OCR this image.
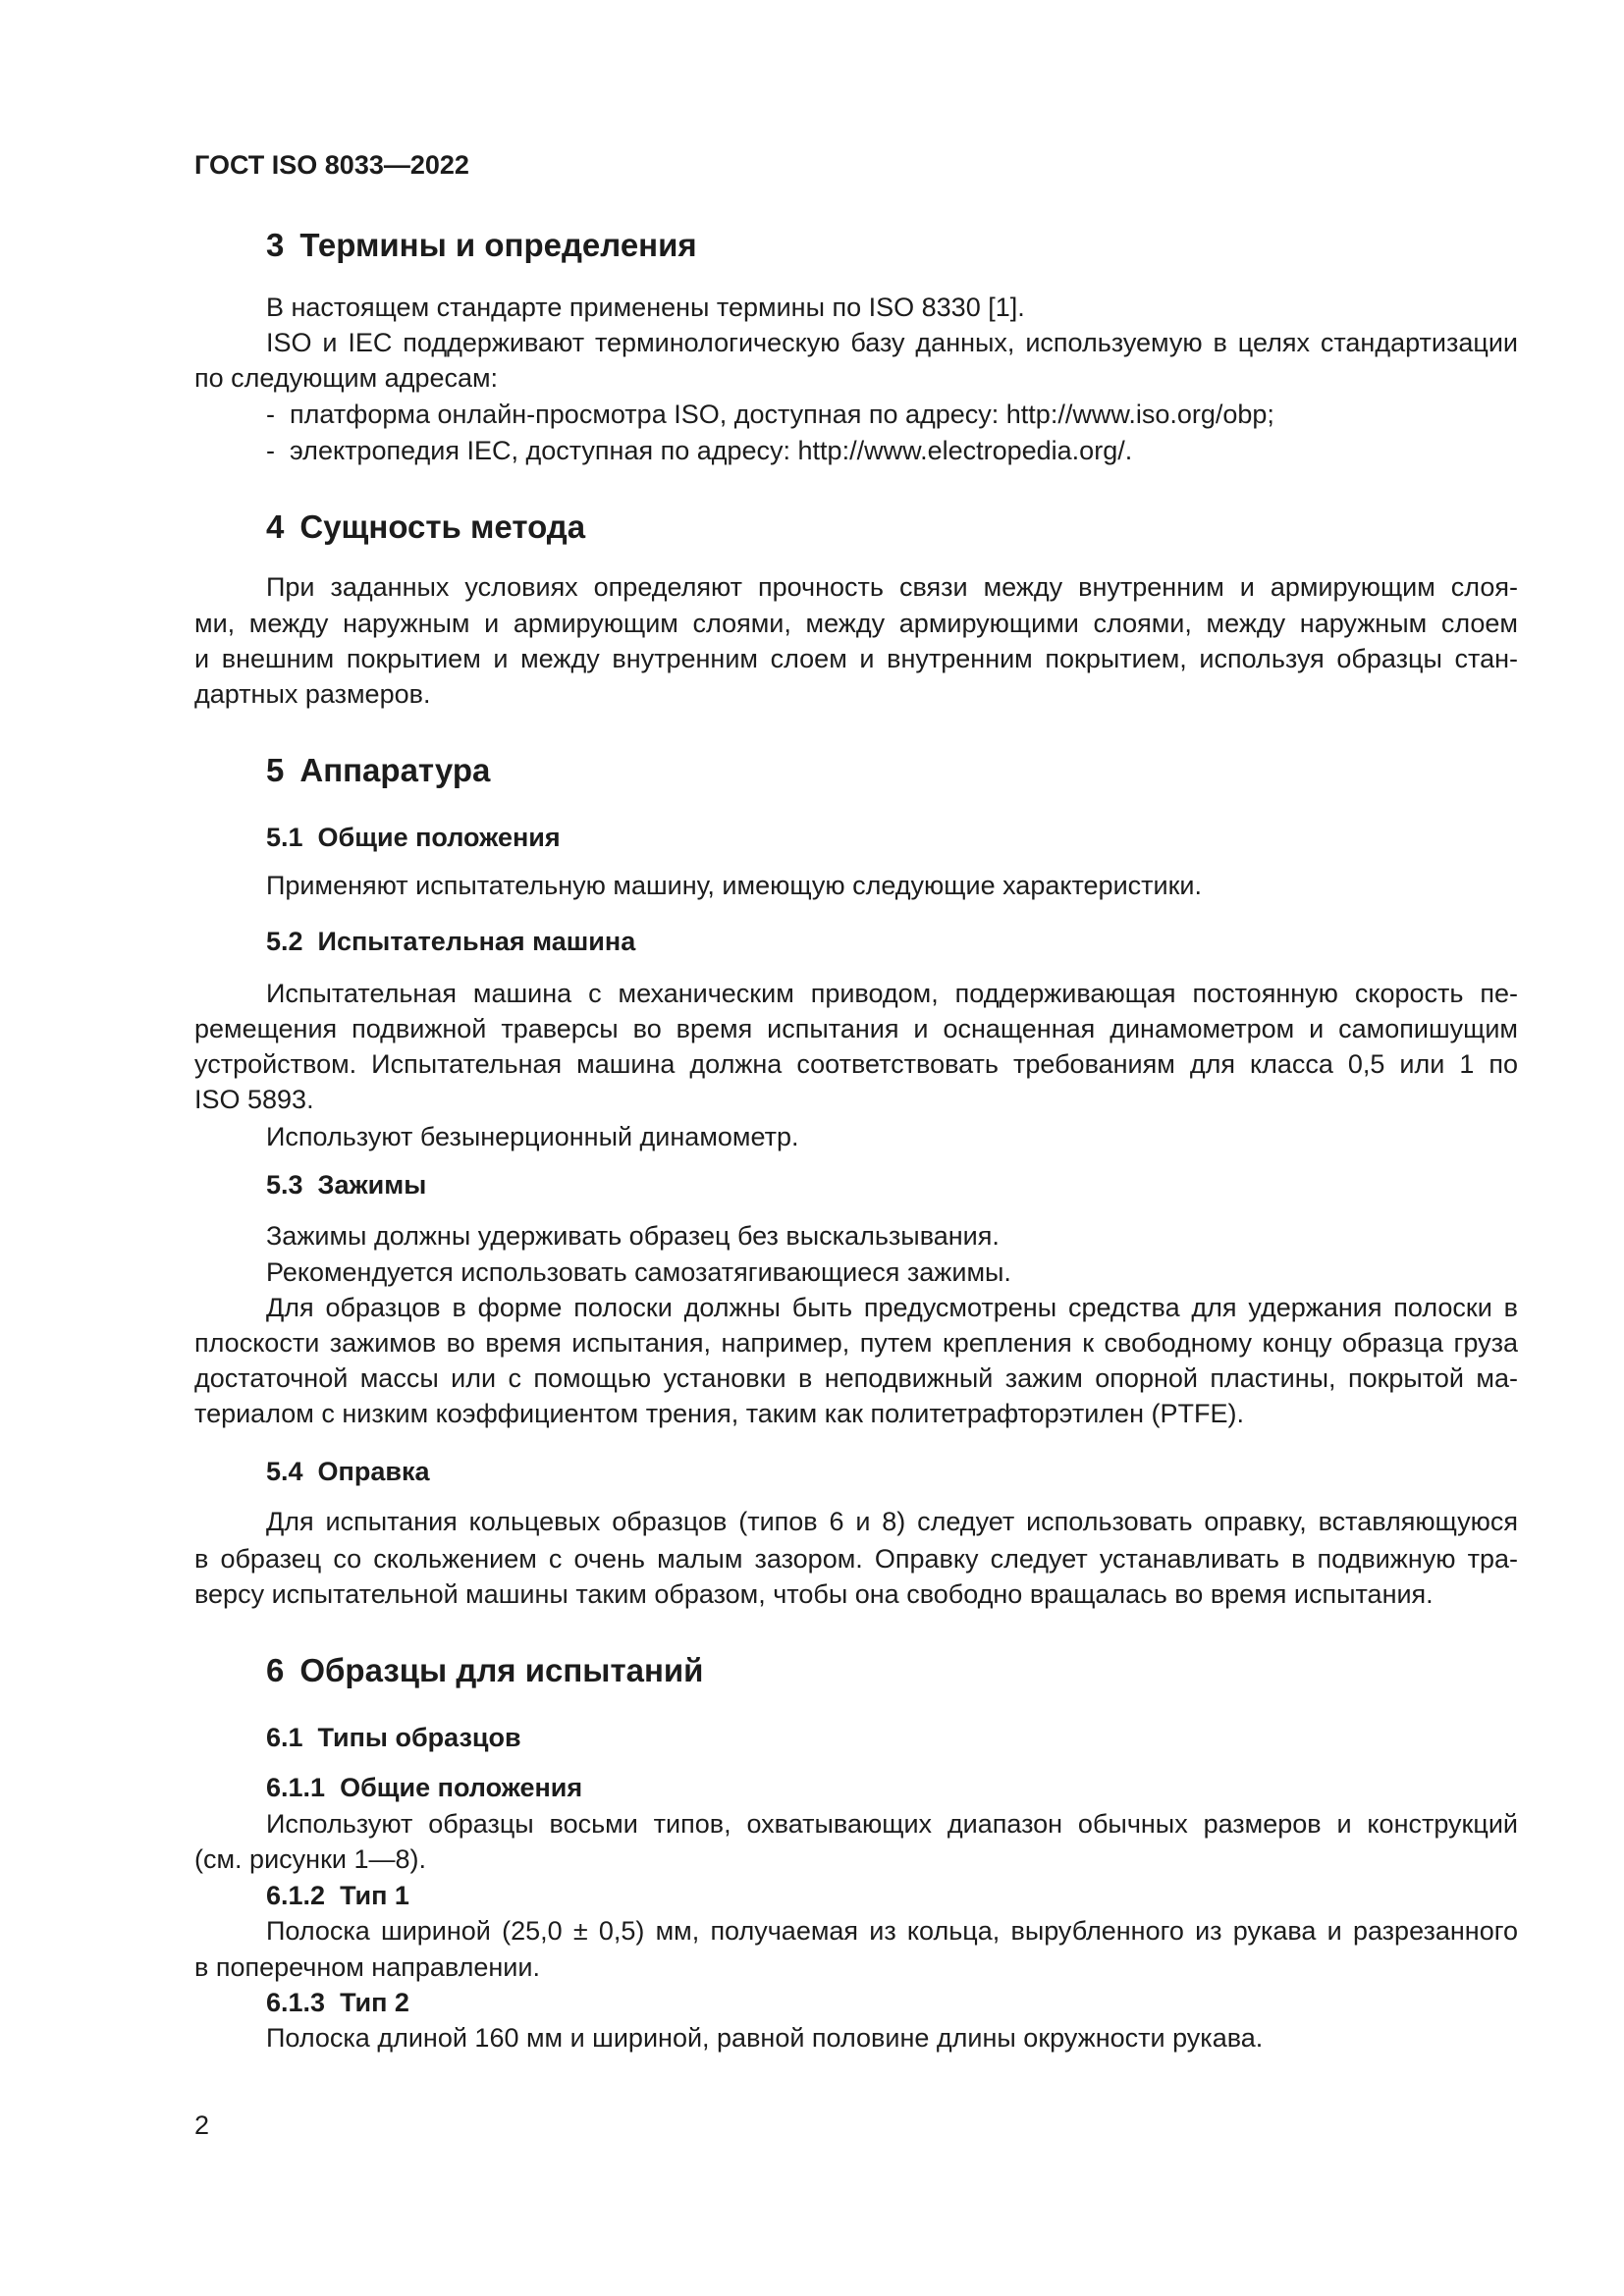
ГОСТ ISO 8033—2022
3 Термины и определения
В настоящем стандарте применены термины по ISO 8330 [1].
ISO и IEC поддерживают терминологическую базу данных, используемую в целях стандартизации
по следующим адресам:
- платформа онлайн-просмотра ISO, доступная по адресу: http://www.iso.org/obp;
- электропедия IEC, доступная по адресу: http://www.electropedia.org/.
4 Сущность метода
При заданных условиях определяют прочность связи между внутренним и армирующим слоя-
ми, между наружным и армирующим слоями, между армирующими слоями, между наружным слоем
и внешним покрытием и между внутренним слоем и внутренним покрытием, используя образцы стан-
дартных размеров.
5 Аппаратура
5.1 Общие положения
Применяют испытательную машину, имеющую следующие характеристики.
5.2 Испытательная машина
Испытательная машина с механическим приводом, поддерживающая постоянную скорость пе-
ремещения подвижной траверсы во время испытания и оснащенная динамометром и самопишущим
устройством. Испытательная машина должна соответствовать требованиям для класса 0,5 или 1 по
ISO 5893.
Используют безынерционный динамометр.
5.3 Зажимы
Зажимы должны удерживать образец без выскальзывания.
Рекомендуется использовать самозатягивающиеся зажимы.
Для образцов в форме полоски должны быть предусмотрены средства для удержания полоски в
плоскости зажимов во время испытания, например, путем крепления к свободному концу образца груза
достаточной массы или с помощью установки в неподвижный зажим опорной пластины, покрытой ма-
териалом с низким коэффициентом трения, таким как политетрафторэтилен (PTFE).
5.4 Оправка
Для испытания кольцевых образцов (типов 6 и 8) следует использовать оправку, вставляющуюся
в образец со скольжением с очень малым зазором. Оправку следует устанавливать в подвижную тра-
версу испытательной машины таким образом, чтобы она свободно вращалась во время испытания.
6 Образцы для испытаний
6.1 Типы образцов
6.1.1 Общие положения
Используют образцы восьми типов, охватывающих диапазон обычных размеров и конструкций
(см. рисунки 1—8).
6.1.2 Тип 1
Полоска шириной (25,0 ± 0,5) мм, получаемая из кольца, вырубленного из рукава и разрезанного
в поперечном направлении.
6.1.3 Тип 2
Полоска длиной 160 мм и шириной, равной половине длины окружности рукава.
2
